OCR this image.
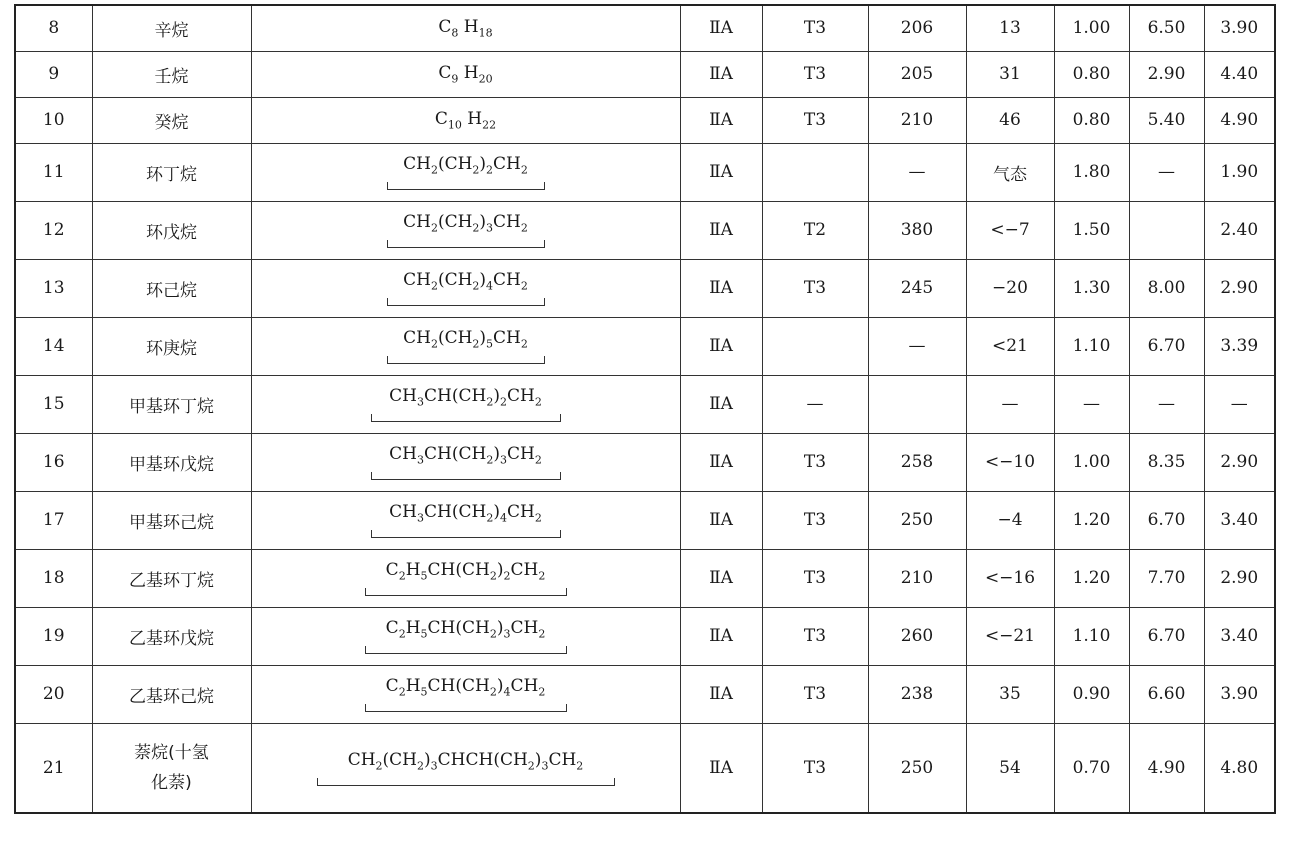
8	辛烷	$C_8$ $H_{18}$	ⅡA	T3	206	13	1.00	6.50	3.90
9	壬烷	$C_9$ $H_{20}$	ⅡA	T3	205	31	0.80	2.90	4.40
10	癸烷	$C_{10}$ $H_{22}$	ⅡA	T3	210	46	0.80	5.40	4.90
11	环丁烷	$CH_2(CH_2)_2CH_2$	ⅡA		—	气态	1.80	—	1.90
12	环戊烷	$CH_2(CH_2)_3CH_2$	ⅡA	T2	380	<−7	1.50		2.40
13	环己烷	$CH_2(CH_2)_4CH_2$	ⅡA	T3	245	−20	1.30	8.00	2.90
14	环庚烷	$CH_2(CH_2)_5CH_2$	ⅡA		—	<21	1.10	6.70	3.39
15	甲基环丁烷	$CH_3CH(CH_2)_2CH_2$	ⅡA	—		—	—	—	—
16	甲基环戊烷	$CH_3CH(CH_2)_3CH_2$	ⅡA	T3	258	<−10	1.00	8.35	2.90
17	甲基环己烷	$CH_3CH(CH_2)_4CH_2$	ⅡA	T3	250	−4	1.20	6.70	3.40
18	乙基环丁烷	$C_2H_5CH(CH_2)_2CH_2$	ⅡA	T3	210	<−16	1.20	7.70	2.90
19	乙基环戊烷	$C_2H_5CH(CH_2)_3CH_2$	ⅡA	T3	260	<−21	1.10	6.70	3.40
20	乙基环己烷	$C_2H_5CH(CH_2)_4CH_2$	ⅡA	T3	238	35	0.90	6.60	3.90
21	萘烷(十氢化萘)	$CH_2(CH_2)_3CHCH(CH_2)_3CH_2$	ⅡA	T3	250	54	0.70	4.90	4.80
